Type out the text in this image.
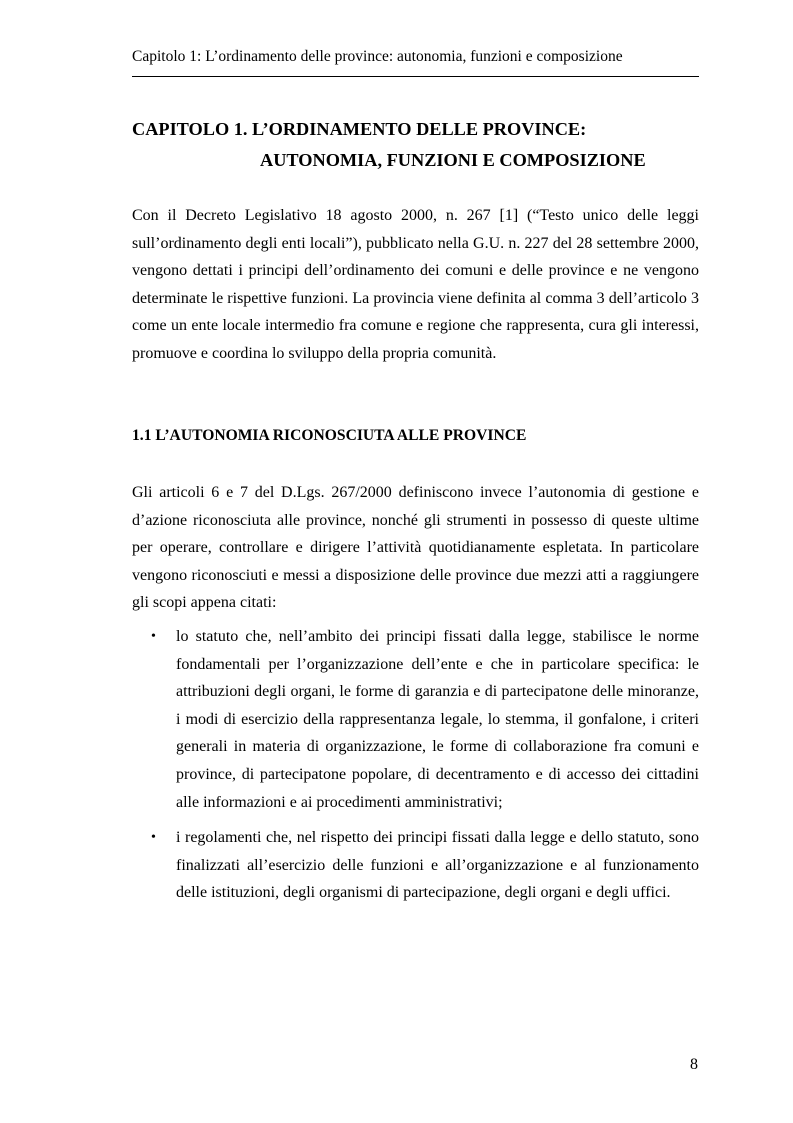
Capitolo 1: L’ordinamento delle province: autonomia, funzioni e composizione
CAPITOLO 1. L’ORDINAMENTO DELLE PROVINCE:
AUTONOMIA, FUNZIONI E COMPOSIZIONE

Con il Decreto Legislativo 18 agosto 2000, n. 267 [1] (“Testo unico delle leggi sull’ordinamento degli enti locali”), pubblicato nella G.U. n. 227 del 28 settembre 2000, vengono dettati i principi dell’ordinamento dei comuni e delle province e ne vengono determinate le rispettive funzioni. La provincia viene definita al comma 3 dell’articolo 3 come un ente locale intermedio fra comune e regione che rappresenta, cura gli interessi, promuove e coordina lo sviluppo della propria comunità.

1.1 L’AUTONOMIA RICONOSCIUTA ALLE PROVINCE

Gli articoli 6 e 7 del D.Lgs. 267/2000 definiscono invece l’autonomia di gestione e d’azione riconosciuta alle province, nonché gli strumenti in possesso di queste ultime per operare, controllare e dirigere l’attività quotidianamente espletata. In particolare vengono riconosciuti e messi a disposizione delle province due mezzi atti a raggiungere gli scopi appena citati:

• lo statuto che, nell’ambito dei principi fissati dalla legge, stabilisce le norme fondamentali per l’organizzazione dell’ente e che in particolare specifica: le attribuzioni degli organi, le forme di garanzia e di partecipatone delle minoranze, i modi di esercizio della rappresentanza legale, lo stemma, il gonfalone, i criteri generali in materia di organizzazione, le forme di collaborazione fra comuni e province, di partecipatone popolare, di decentramento e di accesso dei cittadini alle informazioni e ai procedimenti amministrativi;
• i regolamenti che, nel rispetto dei principi fissati dalla legge e dello statuto, sono finalizzati all’esercizio delle funzioni e all’organizzazione e al funzionamento delle istituzioni, degli organismi di partecipazione, degli organi e degli uffici.
8
